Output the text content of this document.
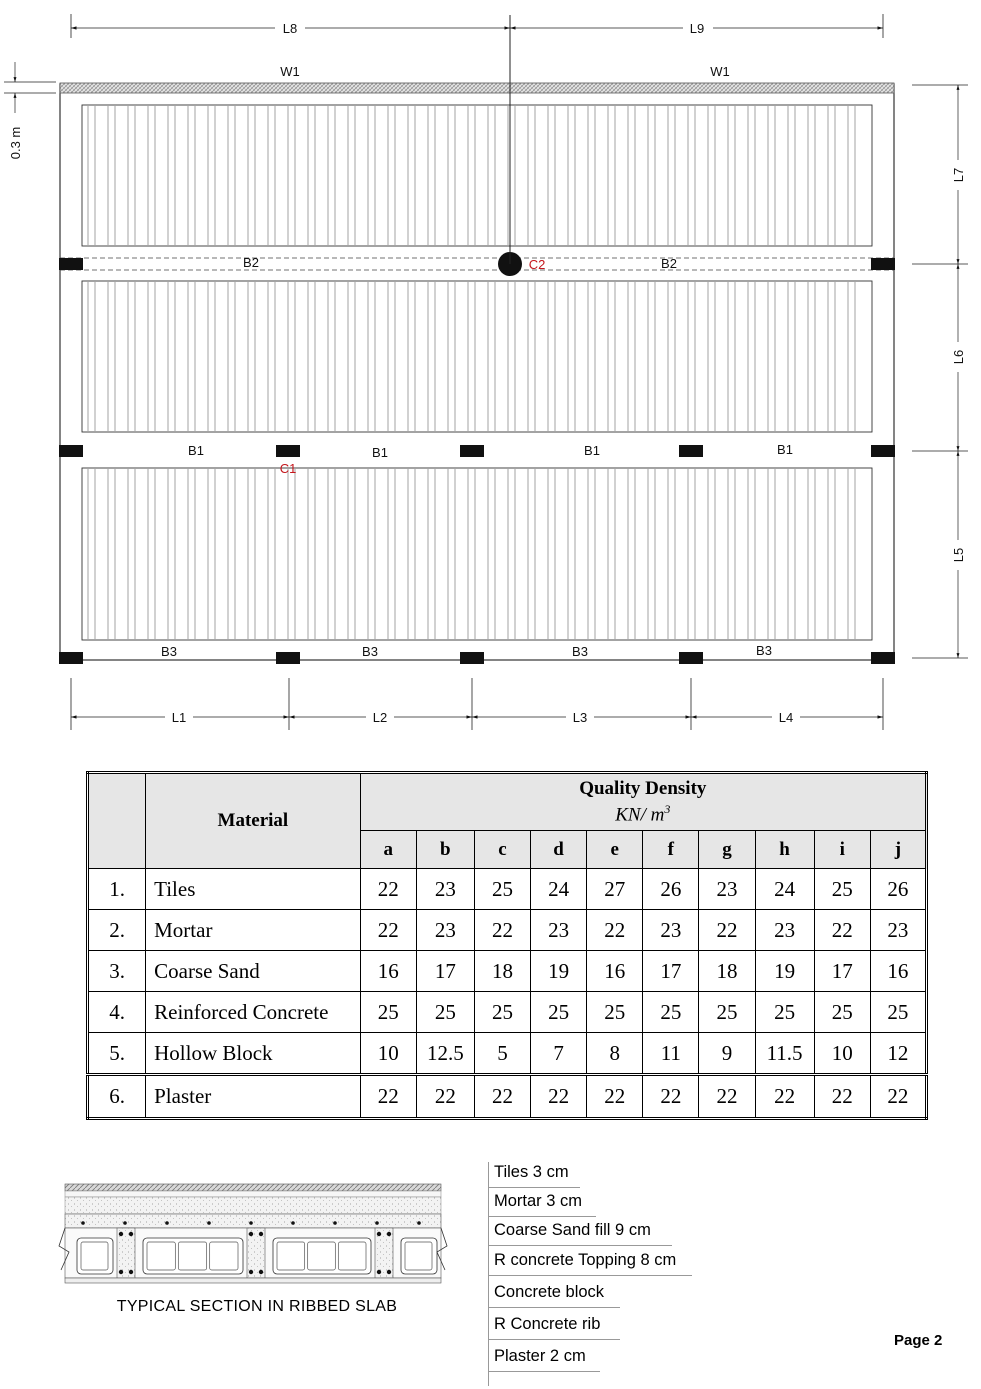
L8	L9
W1	W1
0.3 m
L7
L6
L5
L1	L2	L3	L4
B2	B2
B1	B1	B1	B1
B3	B3	B3	B3
C1
C2
	Material	Quality Density
KN/ $m^3$

		a	b	c	d	e	f	g	h	i	j
1.	Tiles	22	23	25	24	27	26	23	24	25	26
2.	Mortar	22	23	22	23	22	23	22	23	22	23
3.	Coarse Sand	16	17	18	19	16	17	18	19	17	16
4.	Reinforced Concrete	25	25	25	25	25	25	25	25	25	25
5.	Hollow Block	10	12.5	5	7	8	11	9	11.5	10	12
6.	Plaster	22	22	22	22	22	22	22	22	22	22
TYPICAL SECTION IN RIBBED SLAB
Tiles 3 cm
Mortar 3 cm
Coarse Sand fill 9 cm
R concrete Topping 8 cm
Concrete block
R Concrete rib
Plaster 2 cm
Page 2
